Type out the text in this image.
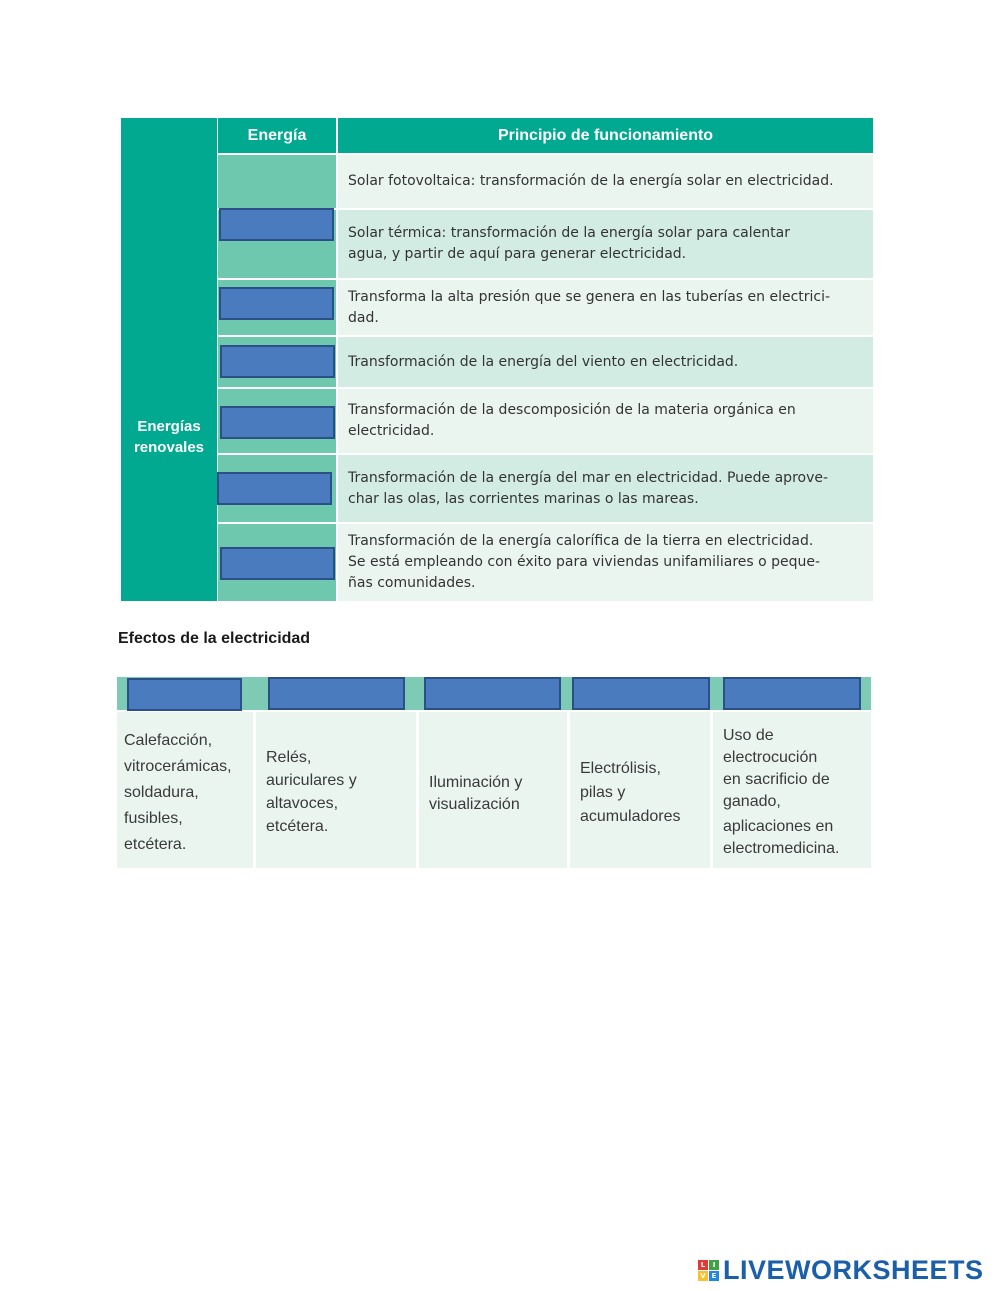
Energías
renovales
Energía	Principio de funcionamiento
Solar fotovoltaica: transformación de la energía solar en electricidad.
Solar térmica: transformación de la energía solar para calentar
agua, y partir de aquí para generar electricidad.
Transforma la alta presión que se genera en las tuberías en electrici-
dad.
Transformación de la energía del viento en electricidad.
Transformación de la descomposición de la materia orgánica en
electricidad.
Transformación de la energía del mar en electricidad. Puede aprove-
char las olas, las corrientes marinas o las mareas.
Transformación de la energía calorífica de la tierra en electricidad.
Se está empleando con éxito para viviendas unifamiliares o peque-
ñas comunidades.
Efectos de la electricidad
Calefacción,
vitrocerámicas,
soldadura,
fusibles,
etcétera.
Relés,
auriculares y
altavoces,
etcétera.
Iluminación y
visualización
Electrólisis,
pilas y
acumuladores
Uso de
electrocución
en sacrificio de
ganado,
aplicaciones en
electromedicina.
L	I
V E LIVEWORKSHEETS
